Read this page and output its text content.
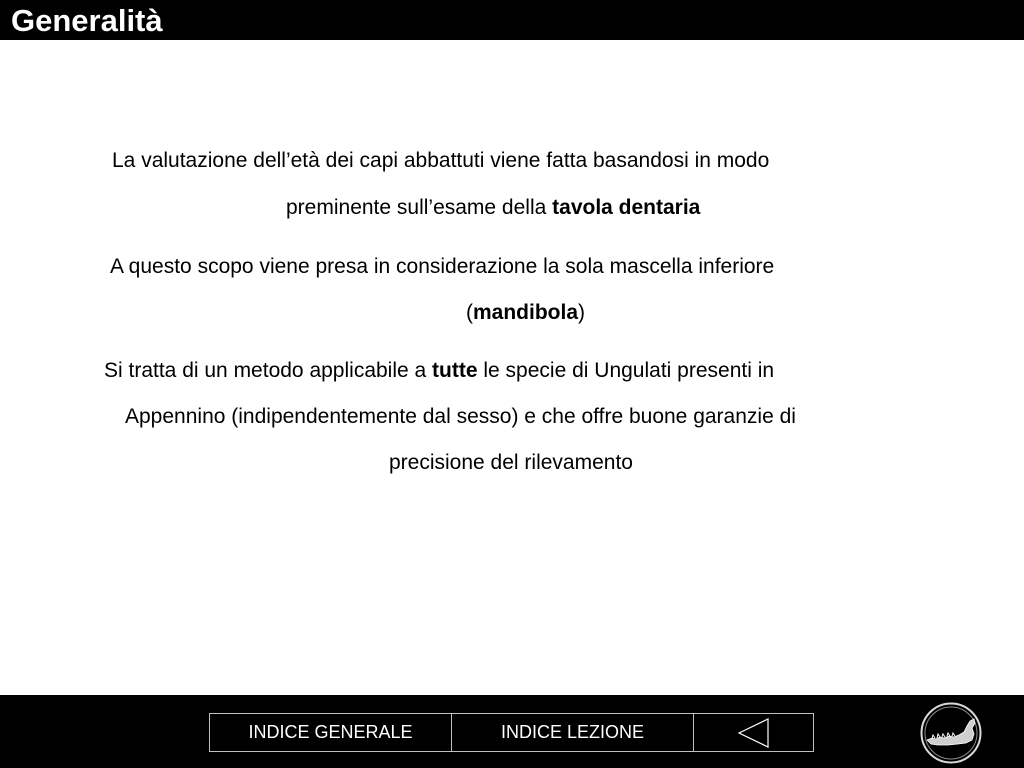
Generalità
La valutazione dell’età dei capi abbattuti viene fatta basandosi in modo
preminente sull’esame della tavola dentaria
A questo scopo viene presa in considerazione la sola mascella inferiore
(mandibola)
Si tratta di un metodo applicabile a tutte le specie di Ungulati presenti in
Appennino (indipendentemente dal sesso) e che offre buone garanzie di
precisione del rilevamento
INDICE GENERALE	INDICE LEZIONE
